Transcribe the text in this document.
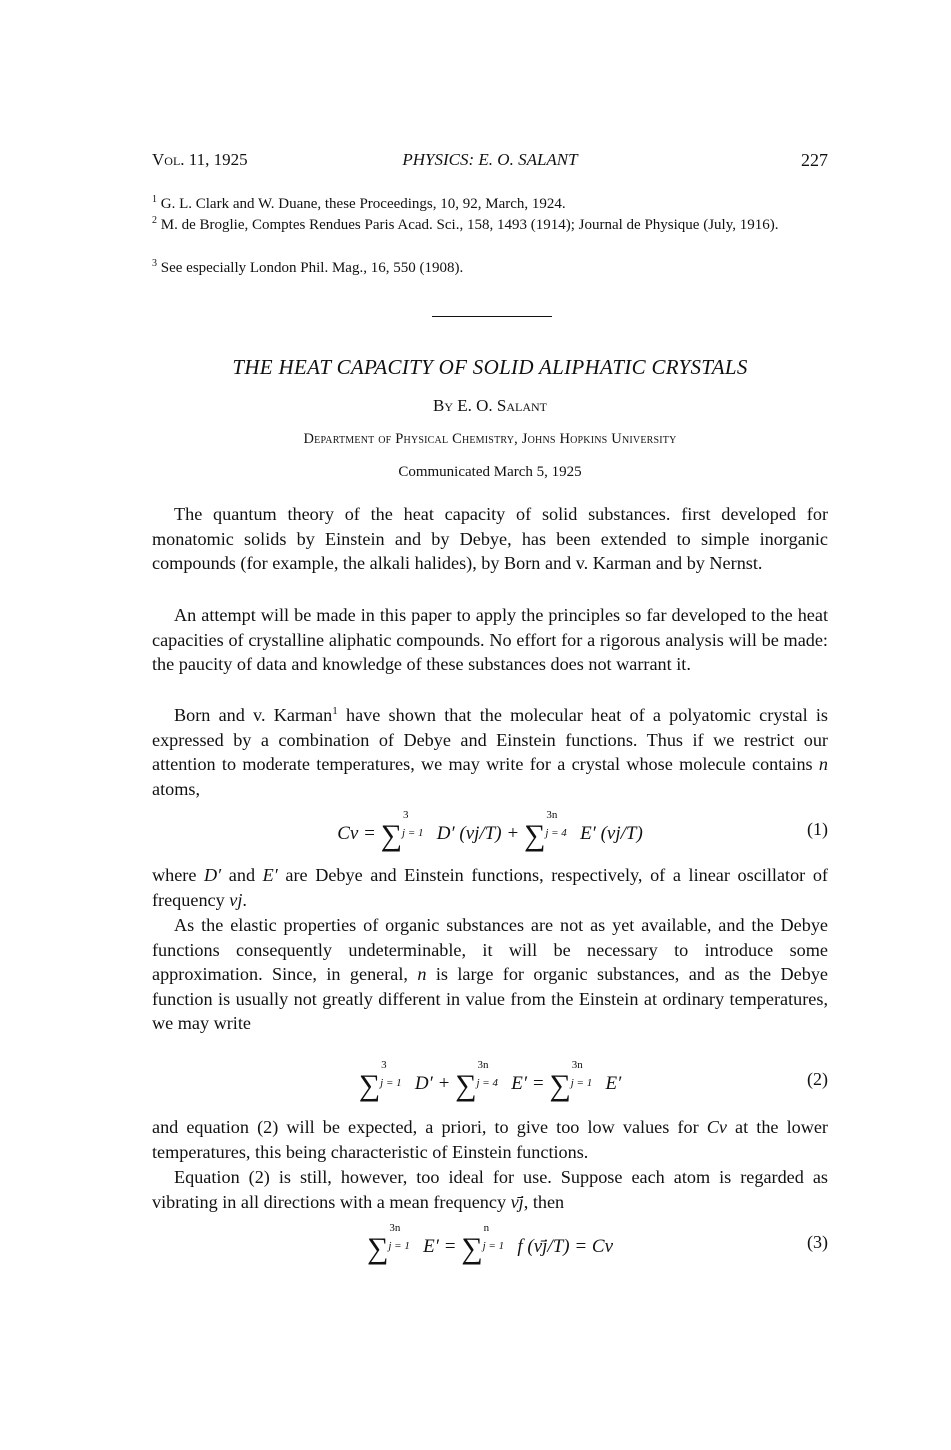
Vol. 11, 1925	PHYSICS: E. O. SALANT	227
$^1$ G. L. Clark and W. Duane, these Proceedings, 10, 92, March, 1924.
$^2$ M. de Broglie, Comptes Rendues Paris Acad. Sci., 158, 1493 (1914); Journal de Physique (July, 1916).
$^3$ See especially London Phil. Mag., 16, 550 (1908).
THE HEAT CAPACITY OF SOLID ALIPHATIC CRYSTALS
By E. O. Salant
Department of Physical Chemistry, Johns Hopkins University
Communicated March 5, 1925

The quantum theory of the heat capacity of solid substances. first developed for monatomic solids by Einstein and by Debye, has been extended to simple inorganic compounds (for example, the alkali halides), by Born and v. Karman and by Nernst.

An attempt will be made in this paper to apply the principles so far developed to the heat capacities of crystalline aliphatic compounds. No effort for a rigorous analysis will be made: the paucity of data and knowledge of these substances does not warrant it.

Born and v. Karman$^1$ have shown that the molecular heat of a polyatomic crystal is expressed by a combination of Debye and Einstein functions. Thus if we restrict our attention to moderate temperatures, we may write for a crystal whose molecule contains n atoms,

Cv = ∑
3
j = 1 D′ (νj/T) + ∑
3n
j = 4 E′ (νj/T)	(1)

where D′ and E′ are Debye and Einstein functions, respectively, of a linear oscillator of frequency νj.

As the elastic properties of organic substances are not as yet available, and the Debye functions consequently undeterminable, it will be necessary to introduce some approximation. Since, in general, n is large for organic substances, and as the Debye function is usually not greatly different in value from the Einstein at ordinary temperatures, we may write

∑
3
j = 1 D′ + ∑
3n
j = 4 E′ = ∑
3n
j = 1 E′	(2)

and equation (2) will be expected, a priori, to give too low values for Cv at the lower temperatures, this being characteristic of Einstein functions.

Equation (2) is still, however, too ideal for use. Suppose each atom is regarded as vibrating in all directions with a mean frequency ν̄j, then

∑
3n
j = 1 E′ = ∑
n
j = 1 f (ν̄j/T) = Cv	(3)
